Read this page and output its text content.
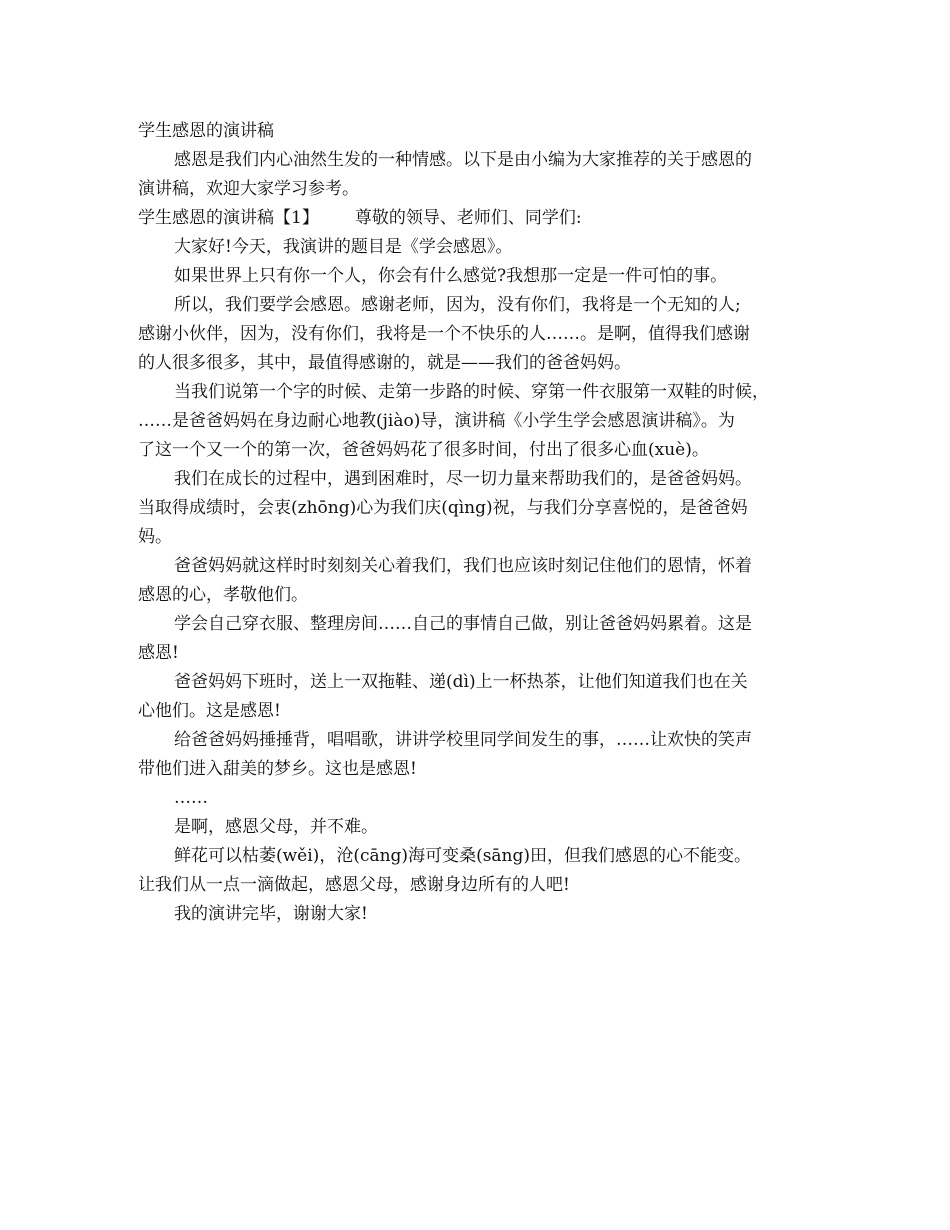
学生感恩的演讲稿
感恩是我们内心油然生发的一种情感。以下是由小编为大家推荐的关于感恩的
演讲稿，欢迎大家学习参考。
学生感恩的演讲稿【1】 尊敬的领导、老师们、同学们:
大家好!今天，我演讲的题目是《学会感恩》。
如果世界上只有你一个人，你会有什么感觉?我想那一定是一件可怕的事。
所以，我们要学会感恩。感谢老师，因为，没有你们，我将是一个无知的人;
感谢小伙伴，因为，没有你们，我将是一个不快乐的人……。是啊，值得我们感谢
的人很多很多，其中，最值得感谢的，就是——我们的爸爸妈妈。
当我们说第一个字的时候、走第一步路的时候、穿第一件衣服第一双鞋的时候，
……是爸爸妈妈在身边耐心地教(jiào)导，演讲稿《小学生学会感恩演讲稿》。为
了这一个又一个的第一次，爸爸妈妈花了很多时间，付出了很多心血(xuè)。
我们在成长的过程中，遇到困难时，尽一切力量来帮助我们的，是爸爸妈妈。
当取得成绩时，会衷(zhōng)心为我们庆(qìng)祝，与我们分享喜悦的，是爸爸妈
妈。
爸爸妈妈就这样时时刻刻关心着我们，我们也应该时刻记住他们的恩情，怀着
感恩的心，孝敬他们。
学会自己穿衣服、整理房间……自己的事情自己做，别让爸爸妈妈累着。这是
感恩!
爸爸妈妈下班时，送上一双拖鞋、递(dì)上一杯热茶，让他们知道我们也在关
心他们。这是感恩!
给爸爸妈妈捶捶背，唱唱歌，讲讲学校里同学间发生的事，……让欢快的笑声
带他们进入甜美的梦乡。这也是感恩!
……
是啊，感恩父母，并不难。
鲜花可以枯萎(wěi)，沧(cāng)海可变桑(sāng)田，但我们感恩的心不能变。
让我们从一点一滴做起，感恩父母，感谢身边所有的人吧!
我的演讲完毕，谢谢大家!
